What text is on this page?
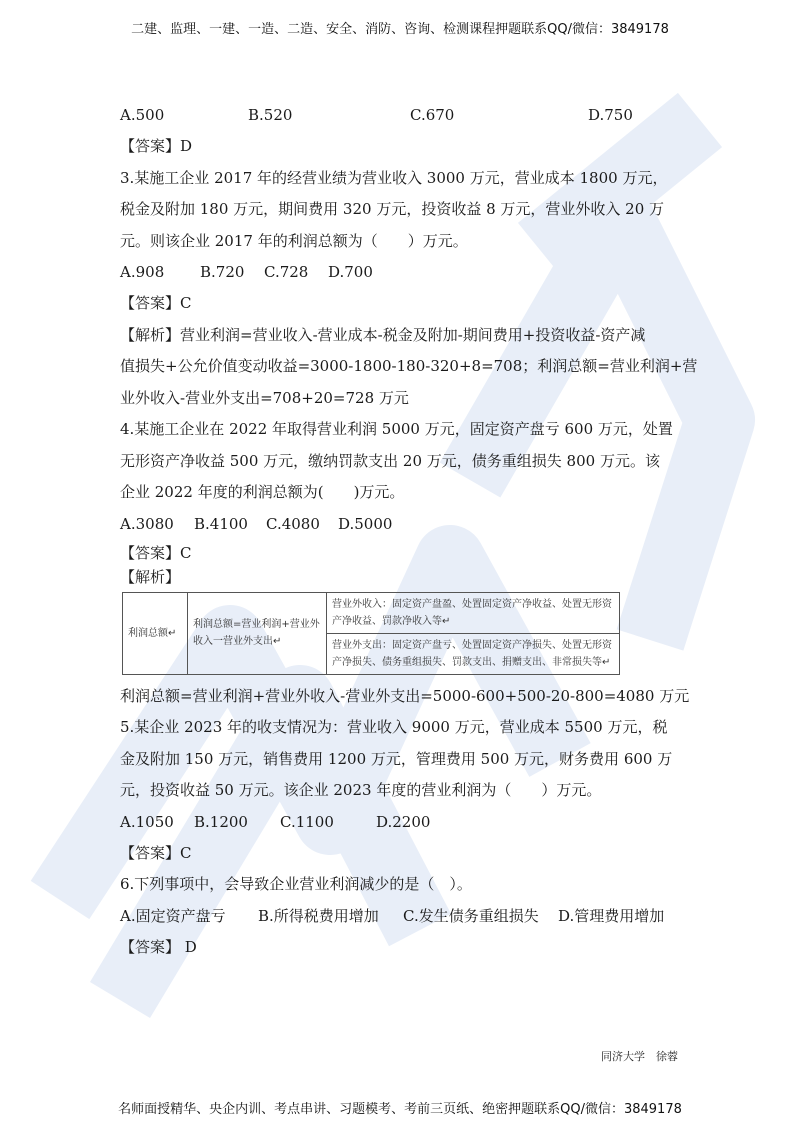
二建、监理、一建、一造、二造、安全、消防、咨询、检测课程押题联系QQ/微信：3849178
A.500	B.520	C.670	D.750
【答案】D
3.某施工企业 2017 年的经营业绩为营业收入 3000 万元，营业成本 1800 万元，
税金及附加 180 万元，期间费用 320 万元，投资收益 8 万元，营业外收入 20 万
元。则该企业 2017 年的利润总额为（　　）万元。
A.908	B.720	C.728	D.700
【答案】C
【解析】营业利润=营业收入-营业成本-税金及附加-期间费用+投资收益-资产减
值损失+公允价值变动收益=3000-1800-180-320+8=708；利润总额=营业利润+营
业外收入-营业外支出=708+20=728 万元
4.某施工企业在 2022 年取得营业利润 5000 万元，固定资产盘亏 600 万元，处置
无形资产净收益 500 万元，缴纳罚款支出 20 万元，债务重组损失 800 万元。该
企业 2022 年度的利润总额为(　　)万元。
A.3080	B.4100	C.4080	D.5000
【答案】C
【解析】
利润总额↵	利润总额=营业利润+营业外收入一营业外支出↵	营业外收入：固定资产盘盈、处置固定资产净收益、处置无形资产净收益、罚款净收入等↵
营业外支出：固定资产盘亏、处置固定资产净损失、处置无形资产净损失、债务重组损失、罚款支出、捐赠支出、非常损失等↵
利润总额=营业利润+营业外收入-营业外支出=5000-600+500-20-800=4080 万元
5.某企业 2023 年的收支情况为：营业收入 9000 万元，营业成本 5500 万元，税
金及附加 150 万元，销售费用 1200 万元，管理费用 500 万元，财务费用 600 万
元，投资收益 50 万元。该企业 2023 年度的营业利润为（　　）万元。
A.1050	B.1200	C.1100	D.2200
【答案】C
6.下列事项中，会导致企业营业利润减少的是（　）。
A.固定资产盘亏	B.所得税费用增加	C.发生债务重组损失	D.管理费用增加
【答案】 D
同济大学　徐蓉
名师面授精华、央企内训、考点串讲、习题模考、考前三页纸、绝密押题联系QQ/微信：3849178
